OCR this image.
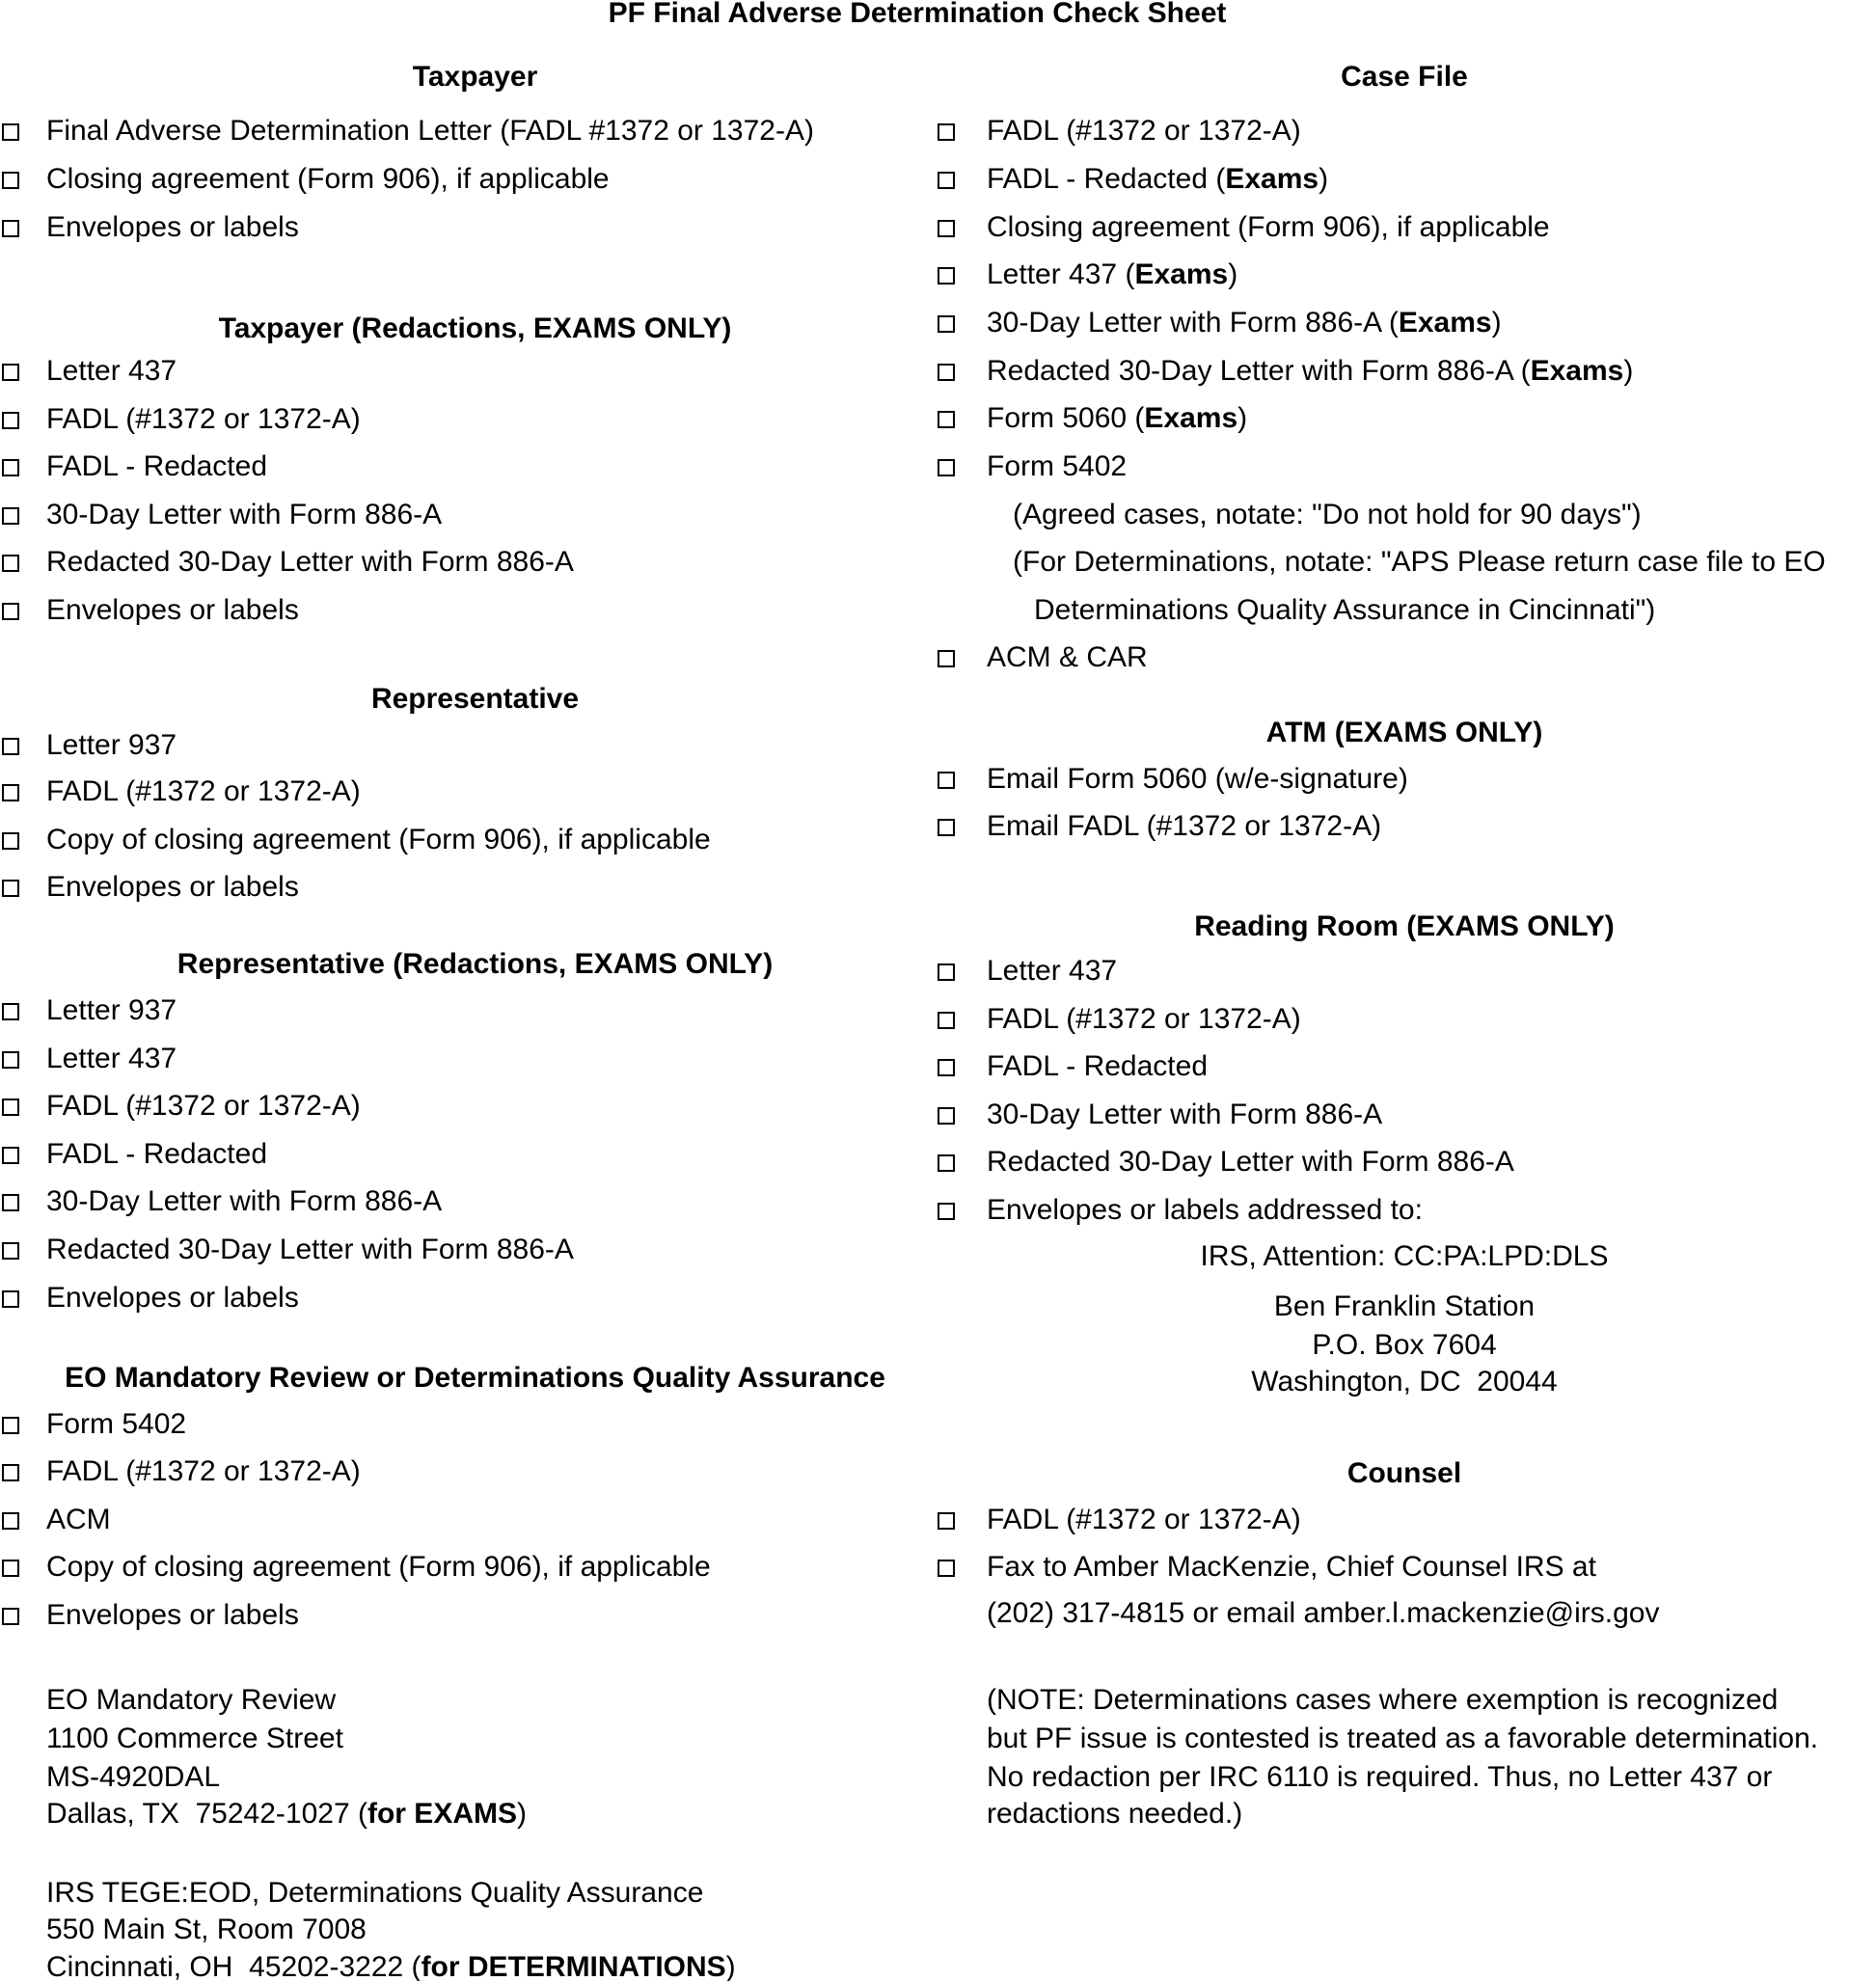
PF Final Adverse Determination Check Sheet
Taxpayer
Final Adverse Determination Letter (FADL #1372 or 1372-A)
Closing agreement (Form 906), if applicable
Envelopes or labels
Taxpayer (Redactions, EXAMS ONLY)
Letter 437
FADL (#1372 or 1372-A)
FADL - Redacted
30-Day Letter with Form 886-A
Redacted 30-Day Letter with Form 886-A
Envelopes or labels
Representative
Letter 937
FADL (#1372 or 1372-A)
Copy of closing agreement (Form 906), if applicable
Envelopes or labels
Representative (Redactions, EXAMS ONLY)
Letter 937
Letter 437
FADL (#1372 or 1372-A)
FADL - Redacted
30-Day Letter with Form 886-A
Redacted 30-Day Letter with Form 886-A
Envelopes or labels
EO Mandatory Review or Determinations Quality Assurance
Form 5402
FADL (#1372 or 1372-A)
ACM
Copy of closing agreement (Form 906), if applicable
Envelopes or labels
EO Mandatory Review
1100 Commerce Street
MS-4920DAL
Dallas, TX  75242-1027 (for EXAMS)
IRS TEGE:EOD, Determinations Quality Assurance
550 Main St, Room 7008
Cincinnati, OH  45202-3222 (for DETERMINATIONS)
Case File
FADL (#1372 or 1372-A)
FADL - Redacted (Exams)
Closing agreement (Form 906), if applicable
Letter 437 (Exams)
30-Day Letter with Form 886-A (Exams)
Redacted 30-Day Letter with Form 886-A (Exams)
Form 5060 (Exams)
Form 5402
(Agreed cases, notate: "Do not hold for 90 days")
(For Determinations, notate: "APS Please return case file to EO
Determinations Quality Assurance in Cincinnati")
ACM & CAR
ATM (EXAMS ONLY)
Email Form 5060 (w/e-signature)
Email FADL (#1372 or 1372-A)
Reading Room (EXAMS ONLY)
Letter 437
FADL (#1372 or 1372-A)
FADL - Redacted
30-Day Letter with Form 886-A
Redacted 30-Day Letter with Form 886-A
Envelopes or labels addressed to:
IRS, Attention: CC:PA:LPD:DLS
Ben Franklin Station
P.O. Box 7604
Washington, DC  20044
Counsel
FADL (#1372 or 1372-A)
Fax to Amber MacKenzie, Chief Counsel IRS at
(202) 317-4815 or email amber.l.mackenzie@irs.gov
(NOTE: Determinations cases where exemption is recognized
but PF issue is contested is treated as a favorable determination.
No redaction per IRC 6110 is required. Thus, no Letter 437 or
redactions needed.)
